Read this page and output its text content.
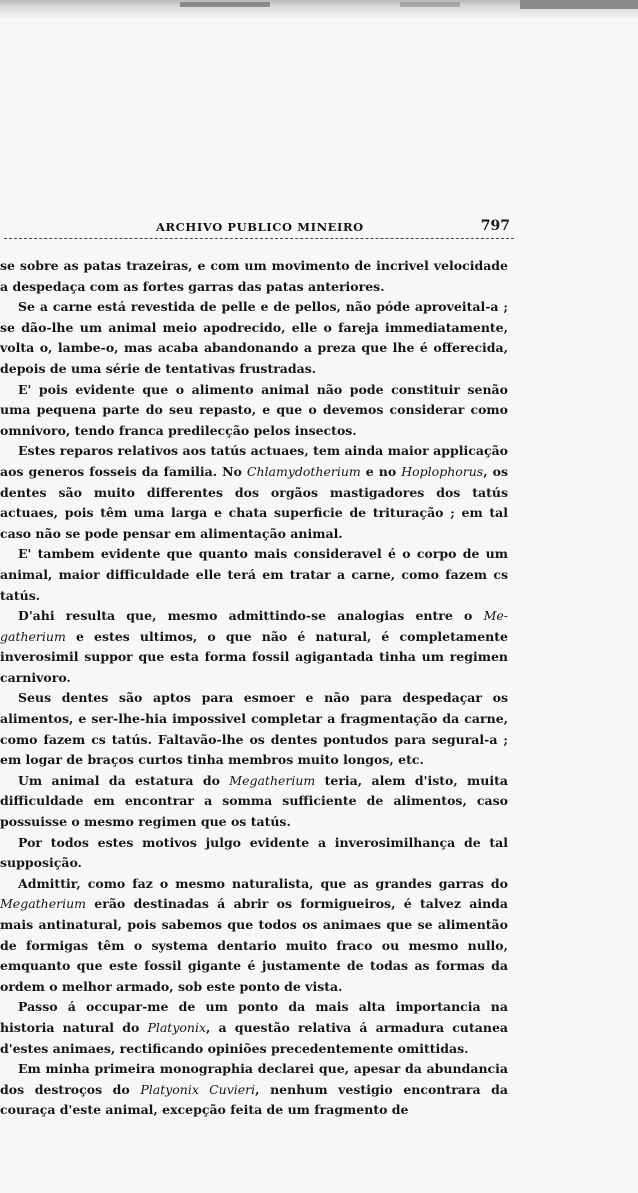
ARCHIVO PUBLICO MINEIRO	797

se sobre as patas trazeiras, e com um movimento de incrivel velocidade a despedaça com as fortes garras das patas anteriores.

Se a carne está revestida de pelle e de pellos, não póde aproveital-a ; se dão-lhe um animal meio apodrecido, elle o fareja immediatamente, volta o, lambe-o, mas acaba abandonando a preza que lhe é offerecida, depois de uma série de tentativas frustradas.

E' pois evidente que o alimento animal não pode constituir senão uma pequena parte do seu repasto, e que o devemos considerar como omnivoro, tendo franca predilecção pelos insectos.

Estes reparos relativos aos tatús actuaes, tem ainda maior applicação aos generos fosseis da familia. No Chlamydotherium e no Hoplophorus, os dentes são muito differentes dos orgãos mastigadores dos tatús actuaes, pois têm uma larga e chata superficie de trituração ; em tal caso não se pode pensar em alimentação animal.

E' tambem evidente que quanto mais consideravel é o corpo de um animal, maior difficuldade elle terá em tratar a carne, como fazem cs tatús.

D'ahi resulta que, mesmo admittindo-se analogias entre o Megatherium e estes ultimos, o que não é natural, é completamente inverosimil suppor que esta forma fossil agigantada tinha um regimen carnivoro.

Seus dentes são aptos para esmoer e não para despedaçar os alimentos, e ser-lhe-hia impossivel completar a fragmentação da carne, como fazem cs tatús. Faltavão-lhe os dentes pontudos para segural-a ; em logar de braços curtos tinha membros muito longos, etc.

Um animal da estatura do Megatherium teria, alem d'isto, muita difficuldade em encontrar a somma sufficiente de alimentos, caso possuisse o mesmo regimen que os tatús.

Por todos estes motivos julgo evidente a inverosimilhança de tal supposição.

Admittir, como faz o mesmo naturalista, que as grandes garras do Megatherium erão destinadas á abrir os formigueiros, é talvez ainda mais antinatural, pois sabemos que todos os animaes que se alimentão de formigas têm o systema dentario muito fraco ou mesmo nullo, emquanto que este fossil gigante é justamente de todas as formas da ordem o melhor armado, sob este ponto de vista.

Passo á occupar-me de um ponto da mais alta importancia na historia natural do Platyonix, a questão relativa á armadura cutanea d'estes animaes, rectificando opiniões precedentemente omittidas.

Em minha primeira monographia declarei que, apesar da abundancia dos destroços do Platyonix Cuvieri, nenhum vestigio encontrara da couraça d'este animal, excepção feita de um fragmento de
